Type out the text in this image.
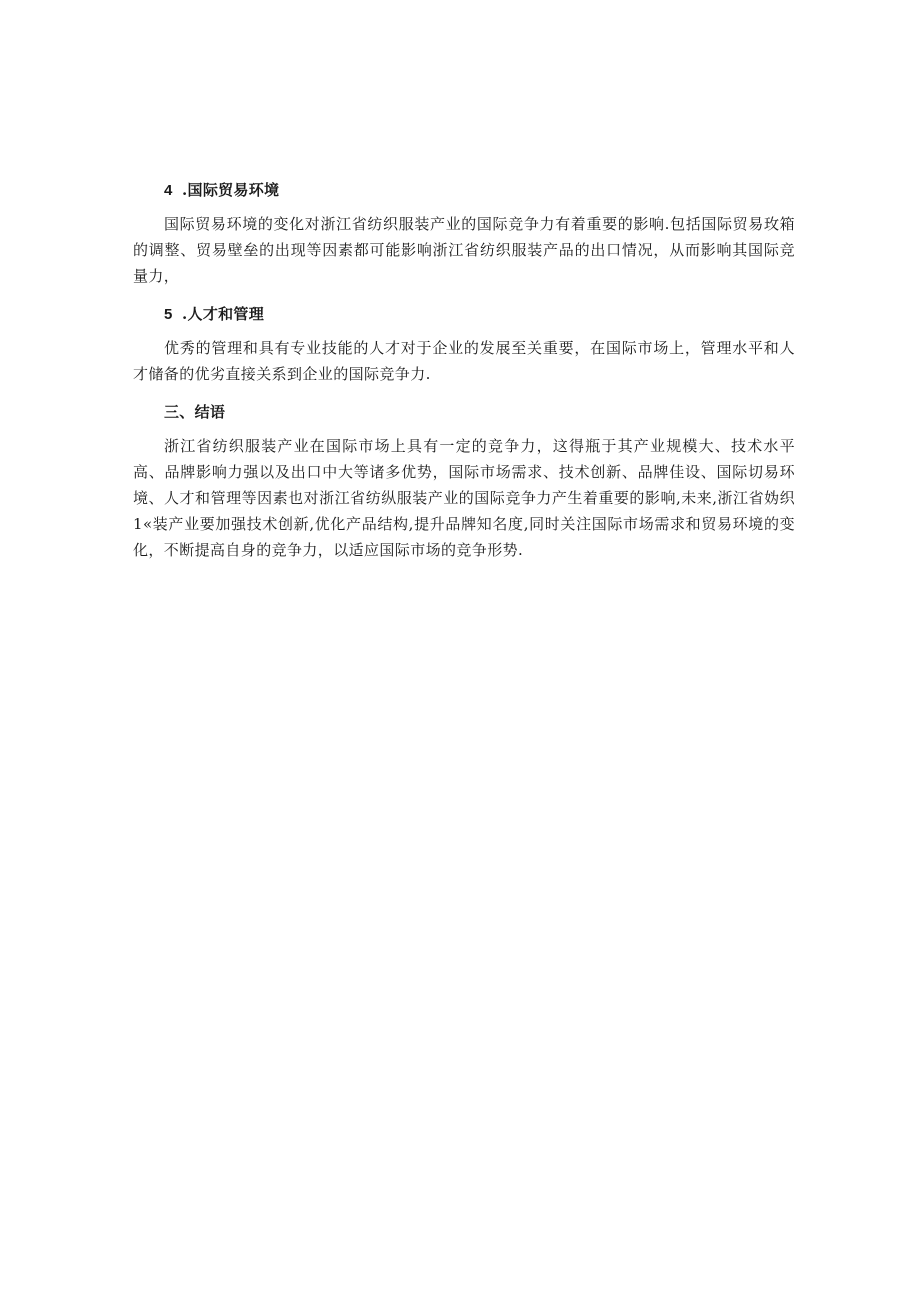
4 .国际贸易环境

国际贸易环境的变化对浙江省纺织服装产业的国际竞争力有着重要的影响.包括国际贸易玫箱的调整、贸易壁垒的出现等因素都可能影响浙江省纺织服装产品的出口情况，从而影响其国际竞量力，

5 .人才和管理

优秀的管理和具有专业技能的人才对于企业的发展至关重要，在国际市场上，管理水平和人才储备的优劣直接关系到企业的国际竞争力.

三、结语

浙江省纺织服装产业在国际市场上具有一定的竞争力，这得瓶于其产业规模大、技术水平高、品牌影响力强以及出口中大等诸多优势，国际市场需求、技术创新、品牌佳设、国际切易环境、人才和管理等因素也对浙江省纺纵服装产业的国际竞争力产生着重要的影响,未来,浙江省妫织1«装产业要加强技术创新,优化产品结构,提升品牌知名度,同时关注国际市场需求和贸易环境的变化，不断提高自身的竞争力，以适应国际市场的竞争形势.
